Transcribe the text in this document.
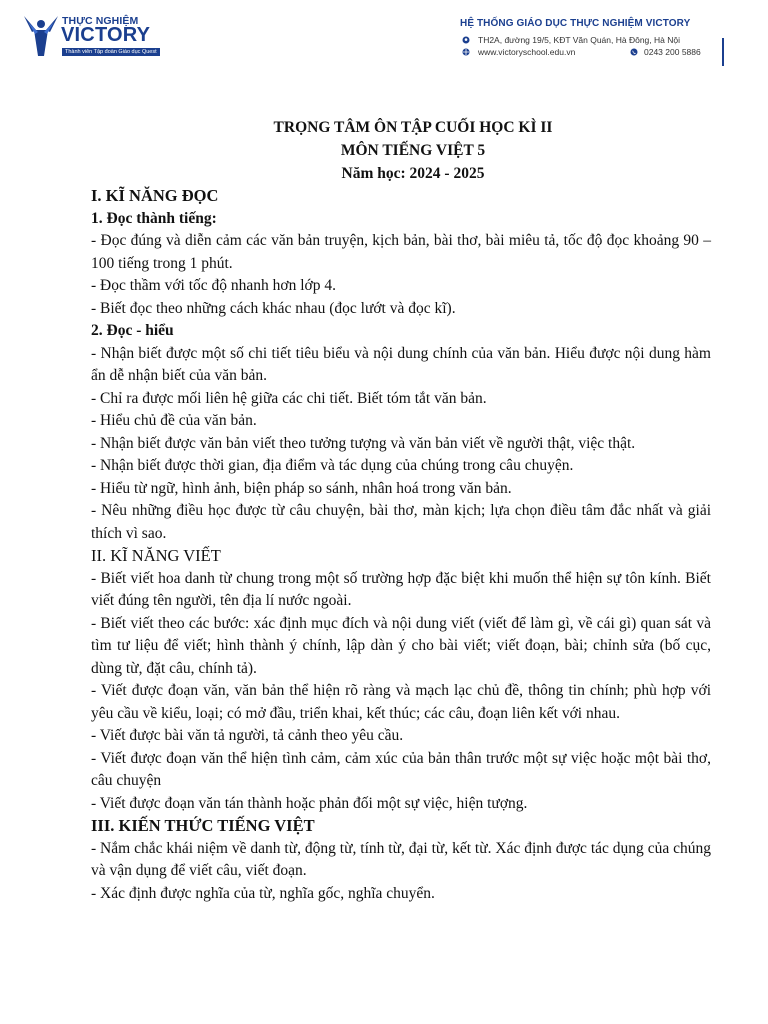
THỰC NGHIỆM
VICTORY
Thành viên Tập đoàn Giáo dục Quest
HỆ THỐNG GIÁO DỤC THỰC NGHIỆM VICTORY
TH2A, đường 19/5, KĐT Văn Quán, Hà Đông, Hà Nội
www.victoryschool.edu.vn	0243 200 5886
TRỌNG TÂM ÔN TẬP CUỐI HỌC KÌ II
MÔN TIẾNG VIỆT 5
Năm học: 2024 - 2025
I. KĨ NĂNG ĐỌC
1. Đọc thành tiếng:

- Đọc đúng và diễn cảm các văn bản truyện, kịch bản, bài thơ, bài miêu tả, tốc độ đọc khoảng 90 – 100 tiếng trong 1 phút.

- Đọc thầm với tốc độ nhanh hơn lớp 4.

- Biết đọc theo những cách khác nhau (đọc lướt và đọc kĩ).

2. Đọc - hiểu

- Nhận biết được một số chi tiết tiêu biểu và nội dung chính của văn bản. Hiểu được nội dung hàm ẩn dễ nhận biết của văn bản.

- Chỉ ra được mối liên hệ giữa các chi tiết. Biết tóm tắt văn bản.

- Hiểu chủ đề của văn bản.

- Nhận biết được văn bản viết theo tưởng tượng và văn bản viết về người thật, việc thật.

- Nhận biết được thời gian, địa điểm và tác dụng của chúng trong câu chuyện.

- Hiểu từ ngữ, hình ảnh, biện pháp so sánh, nhân hoá trong văn bản.

- Nêu những điều học được từ câu chuyện, bài thơ, màn kịch; lựa chọn điều tâm đắc nhất và giải thích vì sao.

II. KĨ NĂNG VIẾT

- Biết viết hoa danh từ chung trong một số trường hợp đặc biệt khi muốn thể hiện sự tôn kính. Biết viết đúng tên người, tên địa lí nước ngoài.

- Biết viết theo các bước: xác định mục đích và nội dung viết (viết để làm gì, về cái gì) quan sát và tìm tư liệu để viết; hình thành ý chính, lập dàn ý cho bài viết; viết đoạn, bài; chỉnh sửa (bố cục, dùng từ, đặt câu, chính tả).

- Viết được đoạn văn, văn bản thể hiện rõ ràng và mạch lạc chủ đề, thông tin chính; phù hợp với yêu cầu về kiểu, loại; có mở đầu, triển khai, kết thúc; các câu, đoạn liên kết với nhau.

- Viết được bài văn tả người, tả cảnh theo yêu cầu.

- Viết được đoạn văn thể hiện tình cảm, cảm xúc của bản thân trước một sự việc hoặc một bài thơ, câu chuyện

- Viết được đoạn văn tán thành hoặc phản đối một sự việc, hiện tượng.

III. KIẾN THỨC TIẾNG VIỆT

- Nắm chắc khái niệm về danh từ, động từ, tính từ, đại từ, kết từ. Xác định được tác dụng của chúng và vận dụng để viết câu, viết đoạn.

- Xác định được nghĩa của từ, nghĩa gốc, nghĩa chuyển.
